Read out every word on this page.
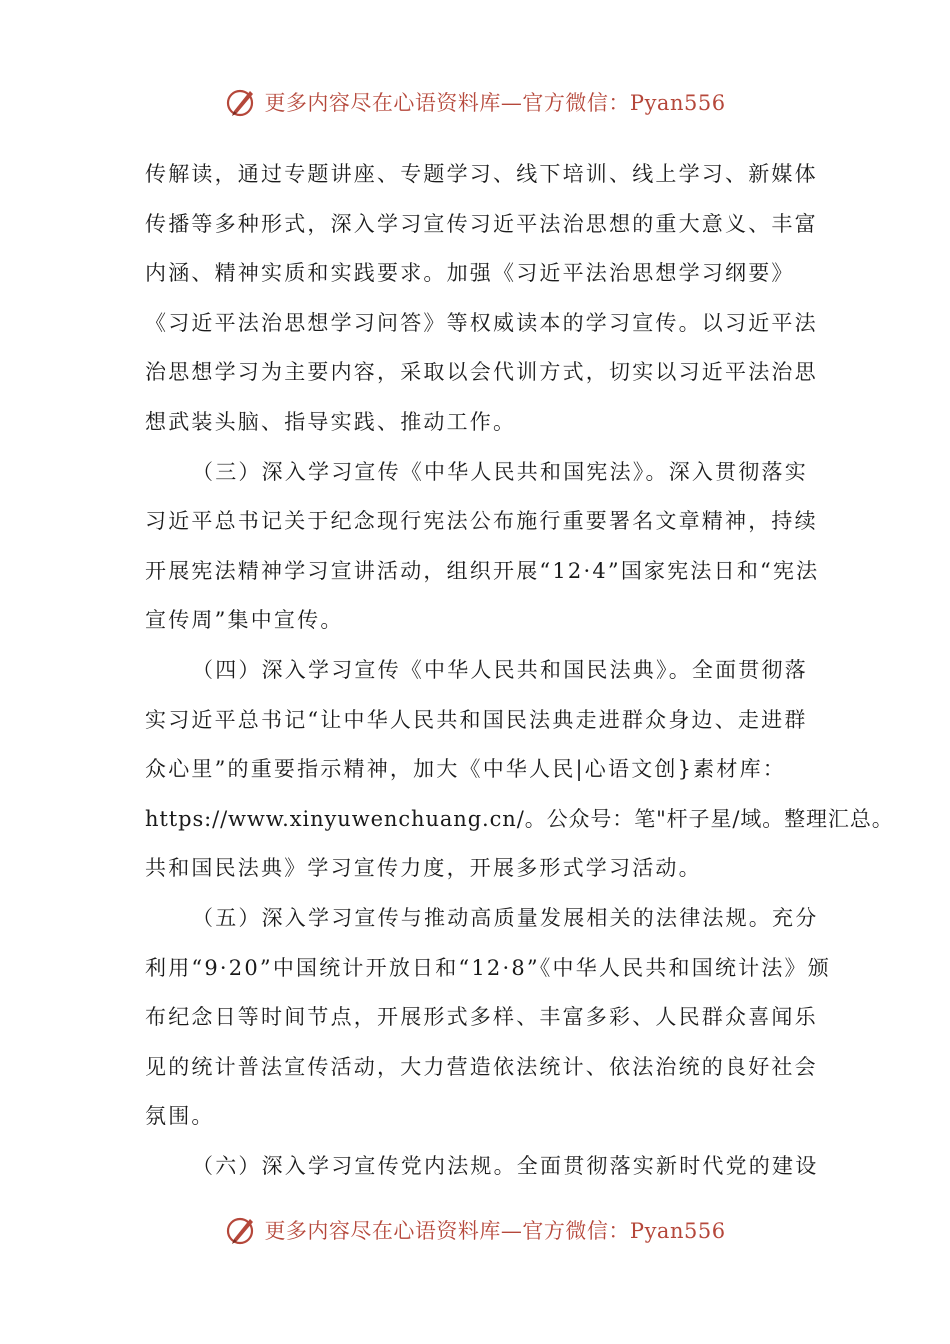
更多内容尽在心语资料库—官方微信：Pyan556
传解读，通过专题讲座、专题学习、线下培训、线上学习、新媒体
传播等多种形式，深入学习宣传习近平法治思想的重大意义、丰富
内涵、精神实质和实践要求。加强《习近平法治思想学习纲要》
《习近平法治思想学习问答》等权威读本的学习宣传。以习近平法
治思想学习为主要内容，采取以会代训方式，切实以习近平法治思
想武装头脑、指导实践、推动工作。
（三）深入学习宣传《中华人民共和国宪法》。深入贯彻落实
习近平总书记关于纪念现行宪法公布施行重要署名文章精神，持续
开展宪法精神学习宣讲活动，组织开展“12·4”国家宪法日和“宪法
宣传周”集中宣传。
（四）深入学习宣传《中华人民共和国民法典》。全面贯彻落
实习近平总书记“让中华人民共和国民法典走进群众身边、走进群
众心里”的重要指示精神，加大《中华人民|心语文创}素材库：
https://www.xinyuwenchuang.cn/。公众号：笔"杆子星/域。整理汇总。
共和国民法典》学习宣传力度，开展多形式学习活动。
（五）深入学习宣传与推动高质量发展相关的法律法规。充分
利用“9·20”中国统计开放日和“12·8”《中华人民共和国统计法》颁
布纪念日等时间节点，开展形式多样、丰富多彩、人民群众喜闻乐
见的统计普法宣传活动，大力营造依法统计、依法治统的良好社会
氛围。
（六）深入学习宣传党内法规。全面贯彻落实新时代党的建设
更多内容尽在心语资料库—官方微信：Pyan556
